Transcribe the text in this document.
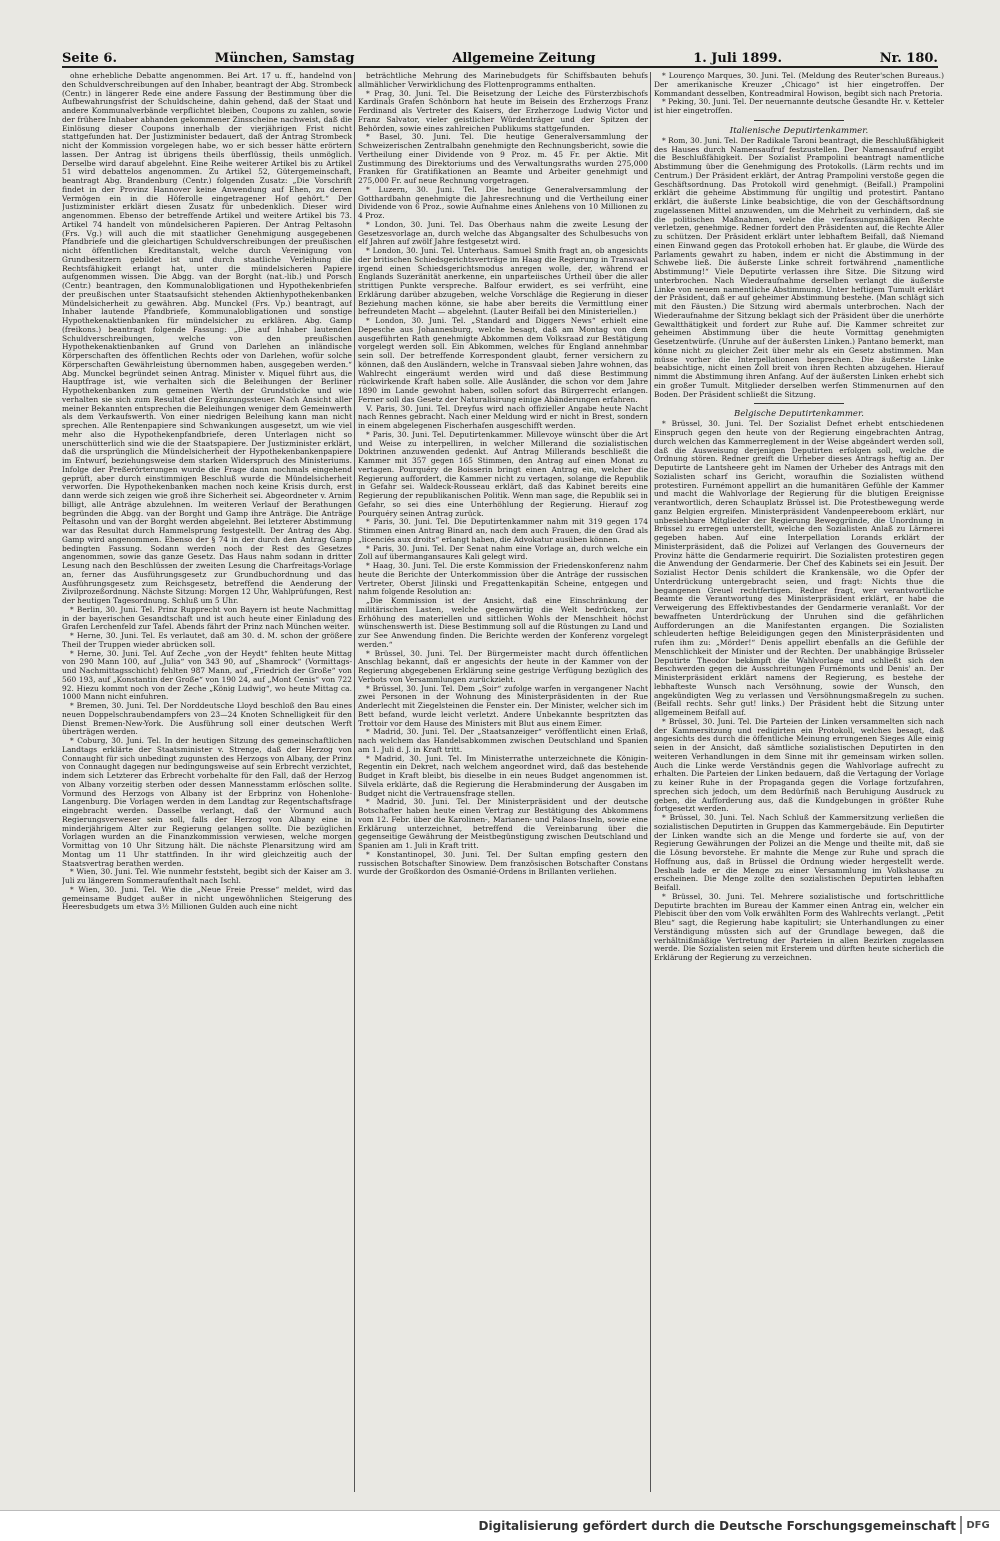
Seite 6.	München, Samstag	Allgemeine Zeitung	1. Juli 1899.	Nr. 180.

ohne erhebliche Debatte angenommen. Bei Art. 17 u. ff., handelnd von den Schuldverschreibungen auf den Inhaber, beantragt der Abg. Strombeck (Centr.) in längerer Rede eine andere Fassung der Bestimmung über die Aufbewahrungsfrist der Schuldscheine, dahin gehend, daß der Staat und andere Kommunalverbände verpflichtet bleiben, Coupons zu zahlen, sowie der frühere Inhaber abhanden gekommener Zinsscheine nachweist, daß die Einlösung dieser Coupons innerhalb der vierjährigen Frist nicht stattgefunden hat. Der Justizminister bedauert, daß der Antrag Strombeck nicht der Kommission vorgelegen habe, wo er sich besser hätte erörtern lassen. Der Antrag ist übrigens theils überflüssig, theils unmöglich. Derselbe wird darauf abgelehnt. Eine Reihe weiterer Artikel bis zu Artikel 51 wird debattelos angenommen. Zu Artikel 52, Gütergemeinschaft, beantragt Abg. Brandenburg (Centr.) folgenden Zusatz: „Die Vorschrift findet in der Provinz Hannover keine Anwendung auf Ehen, zu deren Vermögen ein in die Höferolle eingetragener Hof gehört.“ Der Justizminister erklärt diesen Zusatz für unbedenklich. Dieser wird angenommen. Ebenso der betreffende Artikel und weitere Artikel bis 73. Artikel 74 handelt von mündelsicheren Papieren. Der Antrag Peltasohn (Frs. Vg.) will auch die mit staatlicher Genehmigung ausgegebenen Pfandbriefe und die gleichartigen Schuldverschreibungen der preußischen nicht öffentlichen Kreditanstalt, welche durch Vereinigung von Grundbesitzern gebildet ist und durch staatliche Verleihung die Rechtsfähigkeit erlangt hat, unter die mündelsicheren Papiere aufgenommen wissen. Die Abgg. van der Borght (nat.-lib.) und Porsch (Centr.) beantragen, den Kommunalobligationen und Hypothekenbriefen der preußischen unter Staatsaufsicht stehenden Aktienhypothekenbanken Mündelsicherheit zu gewähren. Abg. Munckel (Frs. Vp.) beantragt, auf Inhaber lautende Pfandbriefe, Kommunalobligationen und sonstige Hypothekenaktienbanken für mündelsicher zu erklären. Abg. Gamp (freikons.) beantragt folgende Fassung: „Die auf Inhaber lautenden Schuldverschreibungen, welche von den preußischen Hypothekenaktienbanken auf Grund von Darlehen an inländische Körperschaften des öffentlichen Rechts oder von Darlehen, wofür solche Körperschaften Gewährleistung übernommen haben, ausgegeben werden.“ Abg. Munckel begründet seinen Antrag. Minister v. Miquel führt aus, die Hauptfrage ist, wie verhalten sich die Beleihungen der Berliner Hypothekenbanken zum gemeinen Werth der Grundstücke und wie verhalten sie sich zum Resultat der Ergänzungssteuer. Nach Ansicht aller meiner Bekannten entsprechen die Beleihungen weniger dem Gemeinwerth als dem Verkaufswerth. Von einer niedrigen Beleihung kann man nicht sprechen. Alle Rentenpapiere sind Schwankungen ausgesetzt, um wie viel mehr also die Hypothekenpfandbriefe, deren Unterlagen nicht so unerschütterlich sind wie die der Staatspapiere. Der Justizminister erklärt, daß die ursprünglich die Mündelsicherheit der Hypothekenbankenpapiere im Entwurf, beziehungsweise dem starken Widerspruch des Ministeriums. Infolge der Preßerörterungen wurde die Frage dann nochmals eingehend geprüft, aber durch einstimmigen Beschluß wurde die Mündelsicherheit verworfen. Die Hypothekenbanken machen noch keine Krisis durch, erst dann werde sich zeigen wie groß ihre Sicherheit sei. Abgeordneter v. Arnim billigt, alle Anträge abzulehnen. Im weiteren Verlauf der Berathungen begründen die Abgg. van der Borght und Gamp ihre Anträge. Die Anträge Peltasohn und van der Borght werden abgelehnt. Bei letzterer Abstimmung war das Resultat durch Hammelsprung festgestellt. Der Antrag des Abg. Gamp wird angenommen. Ebenso der § 74 in der durch den Antrag Gamp bedingten Fassung. Sodann werden noch der Rest des Gesetzes angenommen, sowie das ganze Gesetz. Das Haus nahm sodann in dritter Lesung nach den Beschlüssen der zweiten Lesung die Charfreitags-Vorlage an, ferner das Ausführungsgesetz zur Grundbuchordnung und das Ausführungsgesetz zum Reichsgesetz, betreffend die Aenderung der Zivilprozeßordnung. Nächste Sitzung: Morgen 12 Uhr, Wahlprüfungen, Rest der heutigen Tagesordnung. Schluß um 5 Uhr.

* Berlin, 30. Juni. Tel. Prinz Rupprecht von Bayern ist heute Nachmittag in der bayerischen Gesandtschaft und ist auch heute einer Einladung des Grafen Lerchenfeld zur Tafel. Abends fährt der Prinz nach München weiter.

* Herne, 30. Juni. Tel. Es verlautet, daß am 30. d. M. schon der größere Theil der Truppen wieder abrücken soll.

* Herne, 30. Juni. Tel. Auf Zeche „von der Heydt“ fehlten heute Mittag von 290 Mann 100, auf „Julia“ von 343 90, auf „Shamrock“ (Vormittags- und Nachmittagsschicht) fehlten 987 Mann, auf „Friedrich der Große“ von 560 193, auf „Konstantin der Große“ von 190 24, auf „Mont Cenis“ von 722 92. Hiezu kommt noch von der Zeche „König Ludwig“, wo heute Mittag ca. 1000 Mann nicht einfuhren.

* Bremen, 30. Juni. Tel. Der Norddeutsche Lloyd beschloß den Bau eines neuen Doppelschraubendampfers von 23—24 Knoten Schnelligkeit für den Dienst Bremen-New-York. Die Ausführung soll einer deutschen Werft überträgen werden.

* Coburg, 30. Juni. Tel. In der heutigen Sitzung des gemeinschaftlichen Landtags erklärte der Staatsminister v. Strenge, daß der Herzog von Connaught für sich unbedingt zugunsten des Herzogs von Albany, der Prinz von Connaught dagegen nur bedingungsweise auf sein Erbrecht verzichtet, indem sich Letzterer das Erbrecht vorbehalte für den Fall, daß der Herzog von Albany vorzeitig sterben oder dessen Mannesstamm erlöschen sollte. Vormund des Herzogs von Albany ist der Erbprinz von Hohenlohe-Langenburg. Die Vorlagen werden in dem Landtag zur Regentschaftsfrage eingebracht werden. Dasselbe verlangt, daß der Vormund auch Regierungsverweser sein soll, falls der Herzog von Albany eine in minderjährigem Alter zur Regierung gelangen sollte. Die bezüglichen Vorlagen wurden an die Finanzkommission verwiesen, welche morgen Vormittag von 10 Uhr Sitzung hält. Die nächste Plenarsitzung wird am Montag um 11 Uhr stattfinden. In ihr wird gleichzeitig auch der Staatsvertrag berathen werden.

* Wien, 30. Juni. Tel. Wie nunmehr feststeht, begibt sich der Kaiser am 3. Juli zu längerem Sommeraufenthalt nach Ischl.

* Wien, 30. Juni. Tel. Wie die „Neue Freie Presse“ meldet, wird das gemeinsame Budget außer in nicht ungewöhnlichen Steigerung des Heeresbudgets um etwa 3½ Millionen Gulden auch eine nicht

beträchtliche Mehrung des Marinebudgets für Schiffsbauten behufs allmählicher Verwirklichung des Flottenprogramms enthalten.

* Prag, 30. Juni. Tel. Die Beisetzung der Leiche des Fürsterzbischofs Kardinals Grafen Schönborn hat heute im Beisein des Erzherzogs Franz Ferdinand als Vertreter des Kaisers, der Erzherzoge Ludwig Victor und Franz Salvator, vieler geistlicher Würdenträger und der Spitzen der Behörden, sowie eines zahlreichen Publikums stattgefunden.

* Basel, 30. Juni. Tel. Die heutige Generalversammlung der Schweizerischen Zentralbahn genehmigte den Rechnungsbericht, sowie die Vertheilung einer Dividende von 9 Proz. m. 45 Fr. per Aktie. Mit Zustimmung des Direktoriums und des Verwaltungsraths wurden 275,000 Franken für Gratifikationen an Beamte und Arbeiter genehmigt und 275,000 Fr. auf neue Rechnung vorgetragen.

* Luzern, 30. Juni. Tel. Die heutige Generalversammlung der Gotthardbahn genehmigte die Jahresrechnung und die Vertheilung einer Dividende von 6 Proz., sowie Aufnahme eines Anlehens von 10 Millionen zu 4 Proz.

* London, 30. Juni. Tel. Das Oberhaus nahm die zweite Lesung der Gesetzesvorlage an, durch welche das Abgangsalter des Schulbesuchs von elf Jahren auf zwölf Jahre festgesetzt wird.

* London, 30. Juni. Tel. Unterhaus. Samuel Smith fragt an, ob angesichts der britischen Schiedsgerichtsverträge im Haag die Regierung in Transvaal irgend einen Schiedsgerichtsmodus anregen wolle, der, während er Englands Suzeränität anerkenne, ein unparteiisches Urtheil über die aller strittigen Punkte verspreche. Balfour erwidert, es sei verfrüht, eine Erklärung darüber abzugeben, welche Vorschläge die Regierung in dieser Beziehung machen könne, sie habe aber bereits die Vermittlung einer befreundeten Macht — abgelehnt. (Lauter Beifall bei den Ministeriellen.)

* London, 30. Juni. Tel. „Standard and Diggers News“ erhielt eine Depesche aus Johannesburg, welche besagt, daß am Montag von dem ausgeführten Rath genehmigte Abkommen dem Volksraad zur Bestätigung vorgelegt werden soll. Ein Abkommen, welches für England annehmbar sein soll. Der betreffende Korrespondent glaubt, ferner versichern zu können, daß den Ausländern, welche in Transvaal sieben Jahre wohnen, das Wahlrecht eingeräumt werden wird und daß diese Bestimmung rückwirkende Kraft haben solle. Alle Ausländer, die schon vor dem Jahre 1890 im Lande gewohnt haben, sollen sofort das Bürgerrecht erlangen. Ferner soll das Gesetz der Naturalisirung einige Abänderungen erfahren.

V. Paris, 30. Juni. Tel. Dreyfus wird nach offizieller Angabe heute Nacht nach Rennes gebracht. Nach einer Meldung wird er nicht in Brest, sondern in einem abgelegenen Fischerhafen ausgeschifft werden.

* Paris, 30. Juni. Tel. Deputirtenkammer. Millevoye wünscht über die Art und Weise zu interpelliren, in welcher Millerand die sozialistischen Doktrinen anzuwenden gedenkt. Auf Antrag Millerands beschließt die Kammer mit 357 gegen 165 Stimmen, den Antrag auf einen Monat zu vertagen. Pourquéry de Boisserin bringt einen Antrag ein, welcher die Regierung auffordert, die Kammer nicht zu vertagen, solange die Republik in Gefahr sei. Waldeck-Rousseau erklärt, daß das Kabinet bereits eine Regierung der republikanischen Politik. Wenn man sage, die Republik sei in Gefahr, so sei dies eine Unterhöhlung der Regierung. Hierauf zog Pourquéry seinen Antrag zurück.

* Paris, 30. Juni. Tel. Die Deputirtenkammer nahm mit 319 gegen 174 Stimmen einen Antrag Binard an, nach dem auch Frauen, die den Grad als „licenciés aux droits“ erlangt haben, die Advokatur ausüben können.

* Paris, 30. Juni. Tel. Der Senat nahm eine Vorlage an, durch welche ein Zoll auf übermangansaures Kali gelegt wird.

* Haag, 30. Juni. Tel. Die erste Kommission der Friedenskonferenz nahm heute die Berichte der Unterkommission über die Anträge der russischen Vertreter, Oberst Jilinski und Fregattenkapitän Scheine, entgegen und nahm folgende Resolution an:

„Die Kommission ist der Ansicht, daß eine Einschränkung der militärischen Lasten, welche gegenwärtig die Welt bedrücken, zur Erhöhung des materiellen und sittlichen Wohls der Menschheit höchst wünschenswerth ist. Diese Bestimmung soll auf die Rüstungen zu Land und zur See Anwendung finden. Die Berichte werden der Konferenz vorgelegt werden.“

* Brüssel, 30. Juni. Tel. Der Bürgermeister macht durch öffentlichen Anschlag bekannt, daß er angesichts der heute in der Kammer von der Regierung abgegebenen Erklärung seine gestrige Verfügung bezüglich des Verbots von Versammlungen zurückzieht.

* Brüssel, 30. Juni. Tel. Dem „Soir“ zufolge warfen in vergangener Nacht zwei Personen in der Wohnung des Ministerpräsidenten in der Rue Anderlecht mit Ziegelsteinen die Fenster ein. Der Minister, welcher sich im Bett befand, wurde leicht verletzt. Andere Unbekannte bespritzten das Trottoir vor dem Hause des Ministers mit Blut aus einem Eimer.

* Madrid, 30. Juni. Tel. Der „Staatsanzeiger“ veröffentlicht einen Erlaß, nach welchem das Handelsabkommen zwischen Deutschland und Spanien am 1. Juli d. J. in Kraft tritt.

* Madrid, 30. Juni. Tel. Im Ministerrathe unterzeichnete die Königin-Regentin ein Dekret, nach welchem angeordnet wird, daß das bestehende Budget in Kraft bleibt, bis dieselbe in ein neues Budget angenommen ist. Silvela erklärte, daß die Regierung die Herabminderung der Ausgaben im Budget nicht die Vertrauensfrage stellen.

* Madrid, 30. Juni. Tel. Der Ministerpräsident und der deutsche Botschafter haben heute einen Vertrag zur Bestätigung des Abkommens vom 12. Febr. über die Karolinen-, Marianen- und Palaos-Inseln, sowie eine Erklärung unterzeichnet, betreffend die Vereinbarung über die gegenseitige Gewährung der Meistbegünstigung zwischen Deutschland und Spanien am 1. Juli in Kraft tritt.

* Konstantinopel, 30. Juni. Tel. Der Sultan empfing gestern den russischen Botschafter Sinowiew. Dem französischen Botschafter Constans wurde der Großkordon des Osmanié-Ordens in Brillanten verliehen.

* Lourenço Marques, 30. Juni. Tel. (Meldung des Reuter'schen Bureaus.) Der amerikanische Kreuzer „Chicago“ ist hier eingetroffen. Der Kommandant desselben, Kontreadmiral Howison, begibt sich nach Pretoria.

* Peking, 30. Juni. Tel. Der neuernannte deutsche Gesandte Hr. v. Ketteler ist hier eingetroffen.

Italienische Deputirtenkammer.

* Rom, 30. Juni. Tel. Der Radikale Taroni beantragt, die Beschlußfähigkeit des Hauses durch Namensaufruf festzustellen. Der Namensaufruf ergibt die Beschlußfähigkeit. Der Sozialist Prampolini beantragt namentliche Abstimmung über die Genehmigung des Protokolls. (Lärm rechts und im Centrum.) Der Präsident erklärt, der Antrag Prampolini verstoße gegen die Geschäftsordnung. Das Protokoll wird genehmigt. (Beifall.) Prampolini erklärt die geheime Abstimmung für ungiltig und protestirt. Pantano erklärt, die äußerste Linke beabsichtige, die von der Geschäftsordnung zugelassenen Mittel anzuwenden, um die Mehrheit zu verhindern, daß sie die politischen Maßnahmen, welche die verfassungsmäßigen Rechte verletzen, genehmige. Redner fordert den Präsidenten auf, die Rechte Aller zu schützen. Der Präsident erklärt unter lebhaftem Beifall, daß Niemand einen Einwand gegen das Protokoll erhoben hat. Er glaube, die Würde des Parlaments gewahrt zu haben, indem er nicht die Abstimmung in der Schwebe ließ. Die äußerste Linke schreit fortwährend „namentliche Abstimmung!“ Viele Deputirte verlassen ihre Sitze. Die Sitzung wird unterbrochen. Nach Wiederaufnahme derselben verlangt die äußerste Linke von neuem namentliche Abstimmung. Unter heftigem Tumult erklärt der Präsident, daß er auf geheimer Abstimmung bestehe. (Man schlägt sich mit den Fäusten.) Die Sitzung wird abermals unterbrochen. Nach der Wiederaufnahme der Sitzung beklagt sich der Präsident über die unerhörte Gewaltthätigkeit und fordert zur Ruhe auf. Die Kammer schreitet zur geheimen Abstimmung über die heute Vormittag genehmigten Gesetzentwürfe. (Unruhe auf der äußersten Linken.) Pantano bemerkt, man könne nicht zu gleicher Zeit über mehr als ein Gesetz abstimmen. Man müsse vorher die Interpellationen besprechen. Die äußerste Linke beabsichtige, nicht einen Zoll breit von ihren Rechten abzugehen. Hierauf nimmt die Abstimmung ihren Anfang. Auf der äußersten Linken erhebt sich ein großer Tumult. Mitglieder derselben werfen Stimmenurnen auf den Boden. Der Präsident schließt die Sitzung.

Belgische Deputirtenkammer.

* Brüssel, 30. Juni. Tel. Der Sozialist Defnet erhebt entschiedenen Einspruch gegen den heute von der Regierung eingebrachten Antrag, durch welchen das Kammerreglement in der Weise abgeändert werden soll, daß die Ausweisung derjenigen Deputirten erfolgen soll, welche die Ordnung stören. Redner greift die Urheber dieses Antrags heftig an. Der Deputirte de Lantsheere geht im Namen der Urheber des Antrags mit den Sozialisten scharf ins Gericht, woraufhin die Sozialisten wüthend protestiren. Furnémont appellirt an die humanitären Gefühle der Kammer und macht die Wahlvorlage der Regierung für die blutigen Ereignisse verantwortlich, deren Schauplatz Brüssel ist. Die Protestbewegung werde ganz Belgien ergreifen. Ministerpräsident Vandenpeereboom erklärt, nur unbesiehbare Mitglieder der Regierung Beweggründe, die Unordnung in Brüssel zu erregen unterstellt, welche den Sozialisten Anlaß zu Lärmerei gegeben haben. Auf eine Interpellation Lorands erklärt der Ministerpräsident, daß die Polizei auf Verlangen des Gouverneurs der Provinz hätte die Gendarmerie requirirt. Die Sozialisten protestiren gegen die Anwendung der Gendarmerie. Der Chef des Kabinets sei ein Jesuit. Der Sozialist Hector Denis schildert die Krankensäle, wo die Opfer der Unterdrückung untergebracht seien, und fragt: Nichts thue die begangenen Greuel rechtfertigen. Redner fragt, wer verantwortliche Beamte die Verantwortung des Ministerpräsident erklärt, er habe die Verweigerung des Effektivbestandes der Gendarmerie veranlaßt. Vor der bewaffneten Unterdrückung der Unruhen sind die gefährlichen Aufforderungen an die Manifestanten ergangen. Die Sozialisten schleuderten heftige Beleidigungen gegen den Ministerpräsidenten und rufen ihm zu: „Mörder!“ Denis appellirt ebenfalls an die Gefühle der Menschlichkeit der Minister und der Rechten. Der unabhängige Brüsseler Deputirte Theodor bekämpft die Wahlvorlage und schließt sich den Beschwerden gegen die Ausschreitungen Furnémonts und Denis' an. Der Ministerpräsident erklärt namens der Regierung, es bestehe der lebhafteste Wunsch nach Versöhnung, sowie der Wunsch, den angekündigten Weg zu verlassen und Versöhnungsmaßregeln zu suchen. (Beifall rechts. Sehr gut! links.) Der Präsident hebt die Sitzung unter allgemeinem Beifall auf.

* Brüssel, 30. Juni. Tel. Die Parteien der Linken versammelten sich nach der Kammersitzung und redigirten ein Protokoll, welches besagt, daß angesichts des durch die öffentliche Meinung errungenen Sieges Alle einig seien in der Ansicht, daß sämtliche sozialistischen Deputirten in den weiteren Verhandlungen in dem Sinne mit ihr gemeinsam wirken sollen. Auch die Linke werde Verständnis gegen die Wahlvorlage aufrecht zu erhalten. Die Parteien der Linken bedauern, daß die Vertagung der Vorlage zu keiner Ruhe in der Propaganda gegen die Vorlage fortzufahren, sprechen sich jedoch, um dem Bedürfniß nach Beruhigung Ausdruck zu geben, die Aufforderung aus, daß die Kundgebungen in größter Ruhe fortgesetzt werden.

* Brüssel, 30. Juni. Tel. Nach Schluß der Kammersitzung verließen die sozialistischen Deputirten in Gruppen das Kammergebäude. Ein Deputirter der Linken wandte sich an die Menge und forderte sie auf, von der Regierung Gewährungen der Polizei an die Menge und theilte mit, daß sie die Lösung bevorstehe. Er mahnte die Menge zur Ruhe und sprach die Hoffnung aus, daß in Brüssel die Ordnung wieder hergestellt werde. Deshalb lade er die Menge zu einer Versammlung im Volkshause zu erscheinen. Die Menge zollte den sozialistischen Deputirten lebhaften Beifall.

* Brüssel, 30. Juni. Tel. Mehrere sozialistische und fortschrittliche Deputirte brachten im Bureau der Kammer einen Antrag ein, welcher ein Plebiscit über den vom Volk erwählten Form des Wahlrechts verlangt. „Petit Bleu“ sagt, die Regierung habe kapitulirt; sie Unterhandlungen zu einer Verständigung müssten sich auf der Grundlage bewegen, daß die verhältnißmäßige Vertretung der Parteien in allen Bezirken zugelassen werde. Die Sozialisten seien mit Ersterem und dürften heute sicherlich die Erklärung der Regierung zu verzeichnen.

Digitalisierung gefördert durch die Deutsche Forschungsgemeinschaft	DFG
